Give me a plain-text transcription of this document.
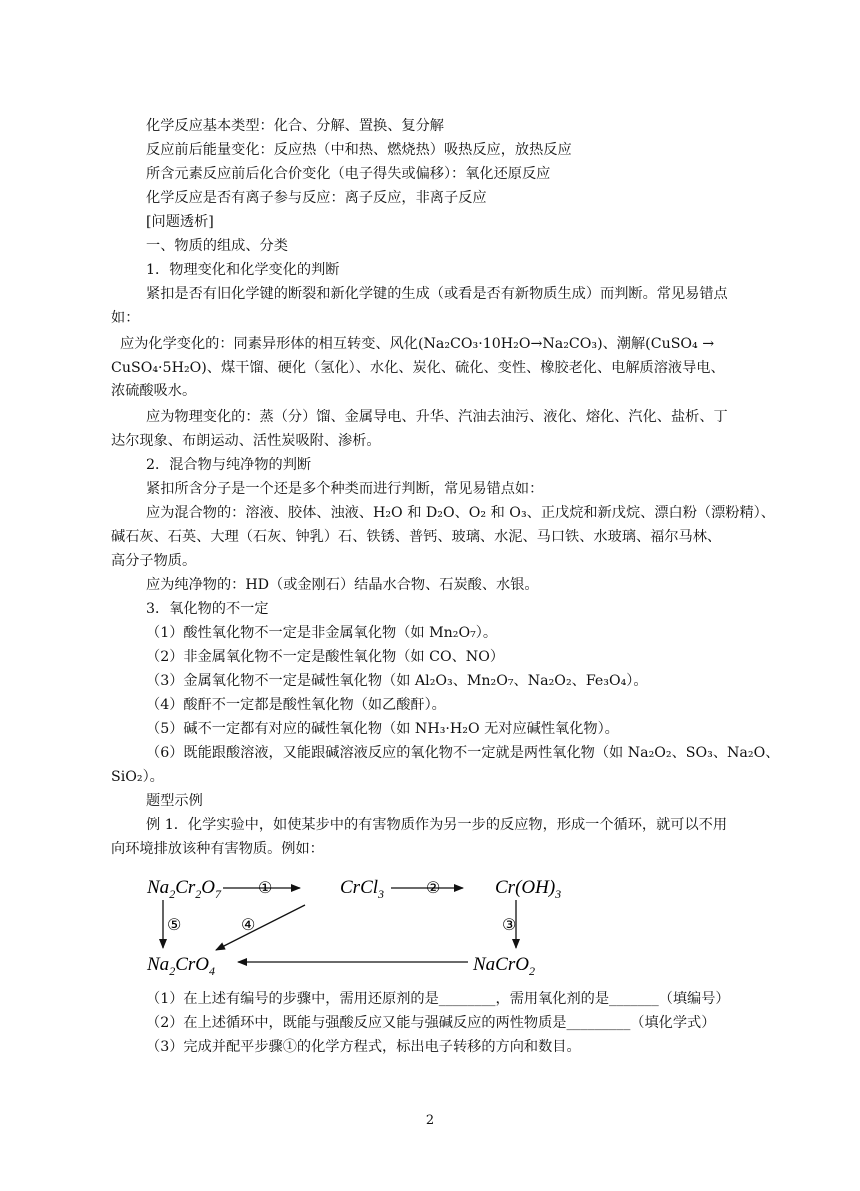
化学反应基本类型：化合、分解、置换、复分解
反应前后能量变化：反应热（中和热、燃烧热）吸热反应，放热反应
所含元素反应前后化合价变化（电子得失或偏移）：氧化还原反应
化学反应是否有离子参与反应：离子反应，非离子反应
[问题透析]
一、物质的组成、分类
1．物理变化和化学变化的判断
紧扣是否有旧化学键的断裂和新化学键的生成（或看是否有新物质生成）而判断。常见易错点
如：
应为化学变化的：同素异形体的相互转变、风化(Na₂CO₃·10H₂O→Na₂CO₃)、潮解(CuSO₄ →
CuSO₄·5H₂O)、煤干馏、硬化（氢化）、水化、炭化、硫化、变性、橡胶老化、电解质溶液导电、
浓硫酸吸水。
应为物理变化的：蒸（分）馏、金属导电、升华、汽油去油污、液化、熔化、汽化、盐析、丁
达尔现象、布朗运动、活性炭吸附、渗析。
2．混合物与纯净物的判断
紧扣所含分子是一个还是多个种类而进行判断，常见易错点如：
应为混合物的：溶液、胶体、浊液、H₂O 和 D₂O、O₂ 和 O₃、正戊烷和新戊烷、漂白粉（漂粉精）、
碱石灰、石英、大理（石灰、钟乳）石、铁锈、普钙、玻璃、水泥、马口铁、水玻璃、福尔马林、
高分子物质。
应为纯净物的：HD（或金刚石）结晶水合物、石炭酸、水银。
3．氧化物的不一定
（1）酸性氧化物不一定是非金属氧化物（如 Mn₂O₇）。
（2）非金属氧化物不一定是酸性氧化物（如 CO、NO）
（3）金属氧化物不一定是碱性氧化物（如 Al₂O₃、Mn₂O₇、Na₂O₂、Fe₃O₄）。
（4）酸酐不一定都是酸性氧化物（如乙酸酐）。
（5）碱不一定都有对应的碱性氧化物（如 NH₃·H₂O 无对应碱性氧化物）。
（6）既能跟酸溶液，又能跟碱溶液反应的氧化物不一定就是两性氧化物（如 Na₂O₂、SO₃、Na₂O、
SiO₂）。
题型示例
例 1．化学实验中，如使某步中的有害物质作为另一步的反应物，形成一个循环，就可以不用
向环境排放该种有害物质。例如：
$Na_2Cr_2O_7$	CrCl$_3$	$Cr(OH)_3$
$Na_2CrO_4$	NaCrO$_2$
①	②
③
④
⑤
（1）在上述有编号的步骤中，需用还原剂的是________，需用氧化剂的是_______（填编号）
（2）在上述循环中，既能与强酸反应又能与强碱反应的两性物质是_________（填化学式）
（3）完成并配平步骤①的化学方程式，标出电子转移的方向和数目。
2
